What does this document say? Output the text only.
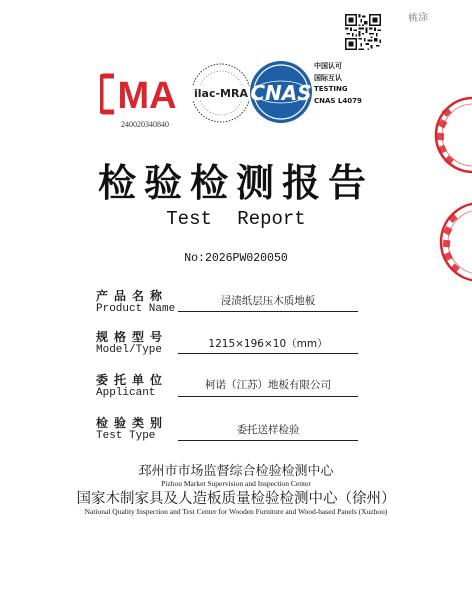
桃涂
MA
240020340840
ilac-MRA CNAS
中国认可
国际互认
TESTING
CNAS L4079
检验检测报告
Test Report
No:2026PW020050
产品名称
Product Name
浸渍纸层压木质地板
规格型号
Model/Type	1215×196×10（mm）
委托单位
Applicant
柯诺（江苏）地板有限公司
检验类别
Test Type	委托送样检验
邳州市市场监督综合检验检测中心
Pizhou Market Supervision and Inspection Center
国家木制家具及人造板质量检验检测中心（徐州）
National Quality Inspection and Test Center for Wooden Furniture and Wood-based Panels (Xuzhou)
